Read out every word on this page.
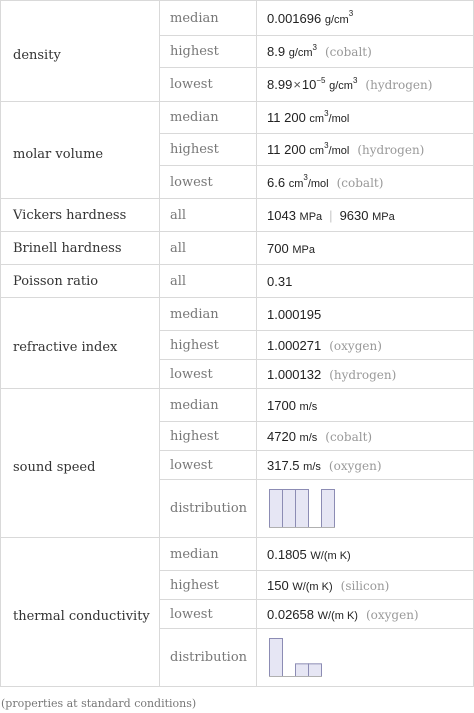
density	median	0.001696 $g/cm^3$
	highest	8.9 $g/cm^3$ (cobalt)
	lowest	$8.99\times 10^{-5}$ $g/cm^3$ (hydrogen)
molar volume	median	11 200 $cm^3$/mol
	highest	11 200 $cm^3$/mol (hydrogen)
	lowest	6.6 $cm^3$/mol (cobalt)
Vickers hardness	all	1043 MPa | 9630 MPa
Brinell hardness	all	700 MPa
Poisson ratio	all	0.31
refractive index	median	1.000195
	highest	1.000271 (oxygen)
	lowest	1.000132 (hydrogen)
sound speed	median	1700 m/s
	highest	4720 m/s (cobalt)
	lowest	317.5 m/s (oxygen)
	distribution	

thermal conductivity	median	0.1805 W/(m K)
	highest	150 W/(m K) (silicon)
	lowest	0.02658 W/(m K) (oxygen)
	distribution	
(properties at standard conditions)
